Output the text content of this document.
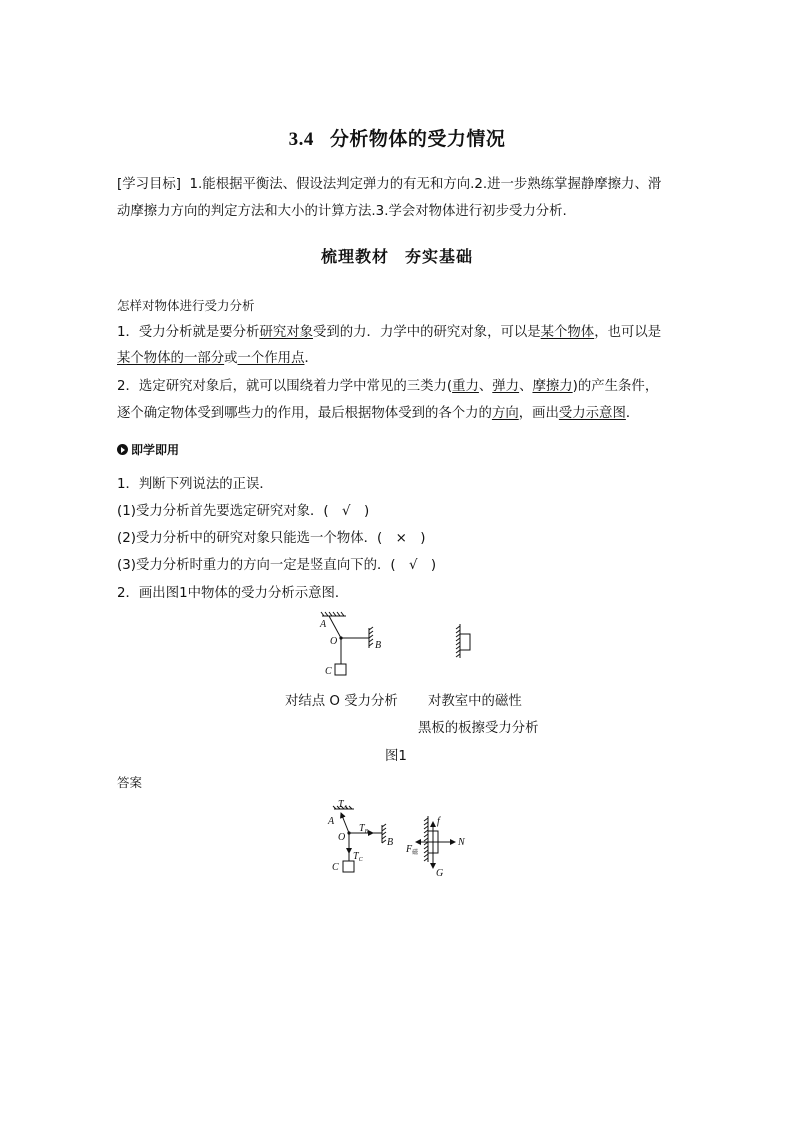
3.4 分析物体的受力情况
[学习目标] 1.能根据平衡法、假设法判定弹力的有无和方向.2.进一步熟练掌握静摩擦力、滑
动摩擦力方向的判定方法和大小的计算方法.3.学会对物体进行初步受力分析.
梳理教材 夯实基础
怎样对物体进行受力分析
1．受力分析就是要分析研究对象受到的力．力学中的研究对象，可以是某个物体，也可以是
某个物体的一部分或一个作用点．
2．选定研究对象后，就可以围绕着力学中常见的三类力(重力、弹力、摩擦力)的产生条件，
逐个确定物体受到哪些力的作用，最后根据物体受到的各个力的方向，画出受力示意图．
即学即用
1．判断下列说法的正误．
(1)受力分析首先要选定研究对象．(　√　)
(2)受力分析中的研究对象只能选一个物体．(　×　)
(3)受力分析时重力的方向一定是竖直向下的．(　√　)
2．画出图1中物体的受力分析示意图．
A
O	B
C
对结点 O 受力分析 对教室中的磁性
黑板的板擦受力分析
图1
答案
$T_A$
A
O
$T_B$
B
$T_C$
C
f
N
G
$F_磁$
